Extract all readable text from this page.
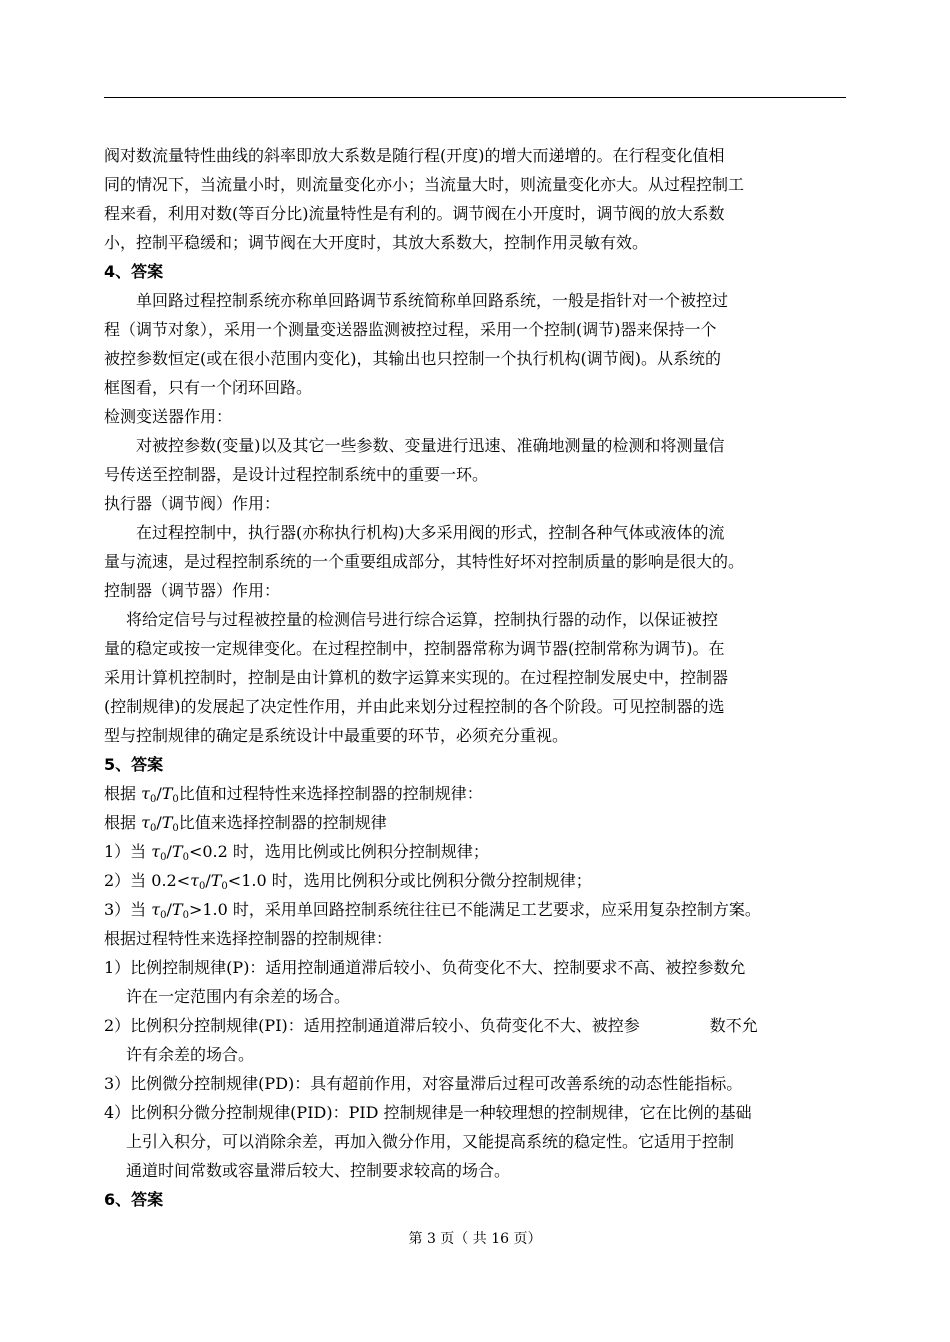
阀对数流量特性曲线的斜率即放大系数是随行程(开度)的增大而递增的。在行程变化值相
同的情况下，当流量小时，则流量变化亦小；当流量大时，则流量变化亦大。从过程控制工
程来看，利用对数(等百分比)流量特性是有利的。调节阀在小开度时，调节阀的放大系数
小，控制平稳缓和；调节阀在大开度时，其放大系数大，控制作用灵敏有效。
4、答案
单回路过程控制系统亦称单回路调节系统简称单回路系统，一般是指针对一个被控过
程（调节对象），采用一个测量变送器监测被控过程，采用一个控制(调节)器来保持一个
被控参数恒定(或在很小范围内变化)，其输出也只控制一个执行机构(调节阀)。从系统的
框图看，只有一个闭环回路。
检测变送器作用：
对被控参数(变量)以及其它一些参数、变量进行迅速、准确地测量的检测和将测量信
号传送至控制器，是设计过程控制系统中的重要一环。
执行器（调节阀）作用：
在过程控制中，执行器(亦称执行机构)大多采用阀的形式，控制各种气体或液体的流
量与流速，是过程控制系统的一个重要组成部分，其特性好坏对控制质量的影响是很大的。
控制器（调节器）作用：
将给定信号与过程被控量的检测信号进行综合运算，控制执行器的动作，以保证被控
量的稳定或按一定规律变化。在过程控制中，控制器常称为调节器(控制常称为调节)。在
采用计算机控制时，控制是由计算机的数字运算来实现的。在过程控制发展史中，控制器
(控制规律)的发展起了决定性作用，并由此来划分过程控制的各个阶段。可见控制器的选
型与控制规律的确定是系统设计中最重要的环节，必须充分重视。
5、答案
根据 $\tau_0/T_0$比值和过程特性来选择控制器的控制规律：
根据 $\tau_0/T_0$比值来选择控制器的控制规律
1）当 $\tau_0/T_0<0.2$ 时，选用比例或比例积分控制规律；
2）当 $0.2<\tau_0/T_0<1.0$ 时，选用比例积分或比例积分微分控制规律；
3）当 $\tau_0/T_0>1.0$ 时，采用单回路控制系统往往已不能满足工艺要求，应采用复杂控制方案。
根据过程特性来选择控制器的控制规律：
1）比例控制规律(P)：适用控制通道滞后较小、负荷变化不大、控制要求不高、被控参数允
许在一定范围内有余差的场合。
2）比例积分控制规律(PI)：适用控制通道滞后较小、负荷变化不大、被控参	数不允
许有余差的场合。
3）比例微分控制规律(PD)：具有超前作用，对容量滞后过程可改善系统的动态性能指标。
4）比例积分微分控制规律(PID)：PID 控制规律是一种较理想的控制规律，它在比例的基础
上引入积分，可以消除余差，再加入微分作用，又能提高系统的稳定性。它适用于控制
通道时间常数或容量滞后较大、控制要求较高的场合。
6、答案
第 3 页（ 共 16 页）
